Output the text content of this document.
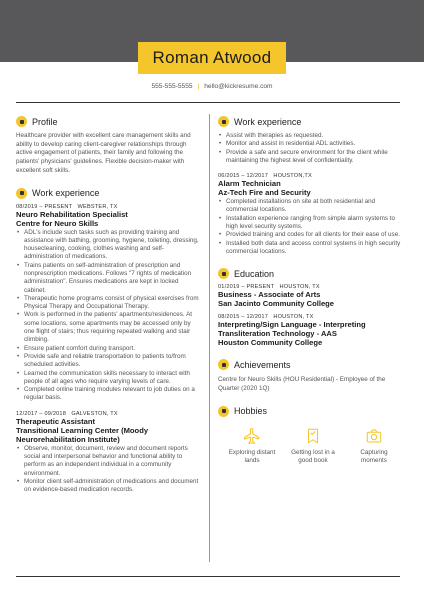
Roman Atwood
555-555-5555 | hello@kickresume.com
Profile
Healthcare provider with excellent care management skills and ability to develop caring client-caregiver relationships through active engagement of patients, their family and following the patients' physicians' guidelines. Flexible decision-maker with excellent soft skills.
Work experience
08/2019 – PRESENT WEBSTER, TX
Neuro Rehabilitation Specialist
Centre for Neuro Skills
• ADL's include such tasks such as providing training and assistance with bathing, grooming, hygiene, toileting, dressing, housecleaning, cooking, clothes washing and self-administration of medications.
• Trains patients on self-administration of prescription and nonprescription medications. Follows "7 rights of medication administration". Ensures medications are kept in locked cabinet.
• Therapeutic home programs consist of physical exercises from Physical Therapy and Occupational Therapy.
• Work is performed in the patients' apartments/residences. At some locations, some apartments may be accessed only by one flight of stairs; thus requiring repeated walking and stair climbing.
• Ensure patient comfort during transport.
• Provide safe and reliable transportation to patients to/from scheduled activities.
• Learned the communication skills necessary to interact with people of all ages who require varying levels of care.
• Completed online training modules relevant to job duties on a regular basis.
12/2017 – 09/2018 GALVESTON, TX
Therapeutic Assistant
Transitional Learning Center (Moody Neurorehabilitation Institute)
• Observe, monitor, document, review and document reports social and interpersonal behavior and functional ability to perform as an independent individual in a community environment.
• Monitor client self-administration of medications and document on evidence-based medication records.
Work experience
• Assist with therapies as requested.
• Monitor and assist in residential ADL activities.
• Provide a safe and secure environment for the client while maintaining the highest level of confidentiality.
06/2015 – 12/2017 HOUSTON,TX
Alarm Technician
Az-Tech Fire and Security
• Completed installations on site at both residential and commercial locations.
• Installation experience ranging from simple alarm systems to high level security systems.
• Provided training and codes for all clients for their ease of use.
• Installed both data and access control systems in high security commercial locations.
Education
01/2019 – PRESENT HOUSTON, TX
Business - Associate of Arts
San Jacinto Community College
08/2015 – 12/2017 HOUSTON, TX
Interpreting/Sign Language - Interpreting Transliteration Technology - AAS
Houston Community College
Achievements
Centre for Neuro Skills (HOU Residential) - Employee of the Quarter (2020 1Q)
Hobbies
Exploring distant lands
Getting lost in a good book
Capturing moments
